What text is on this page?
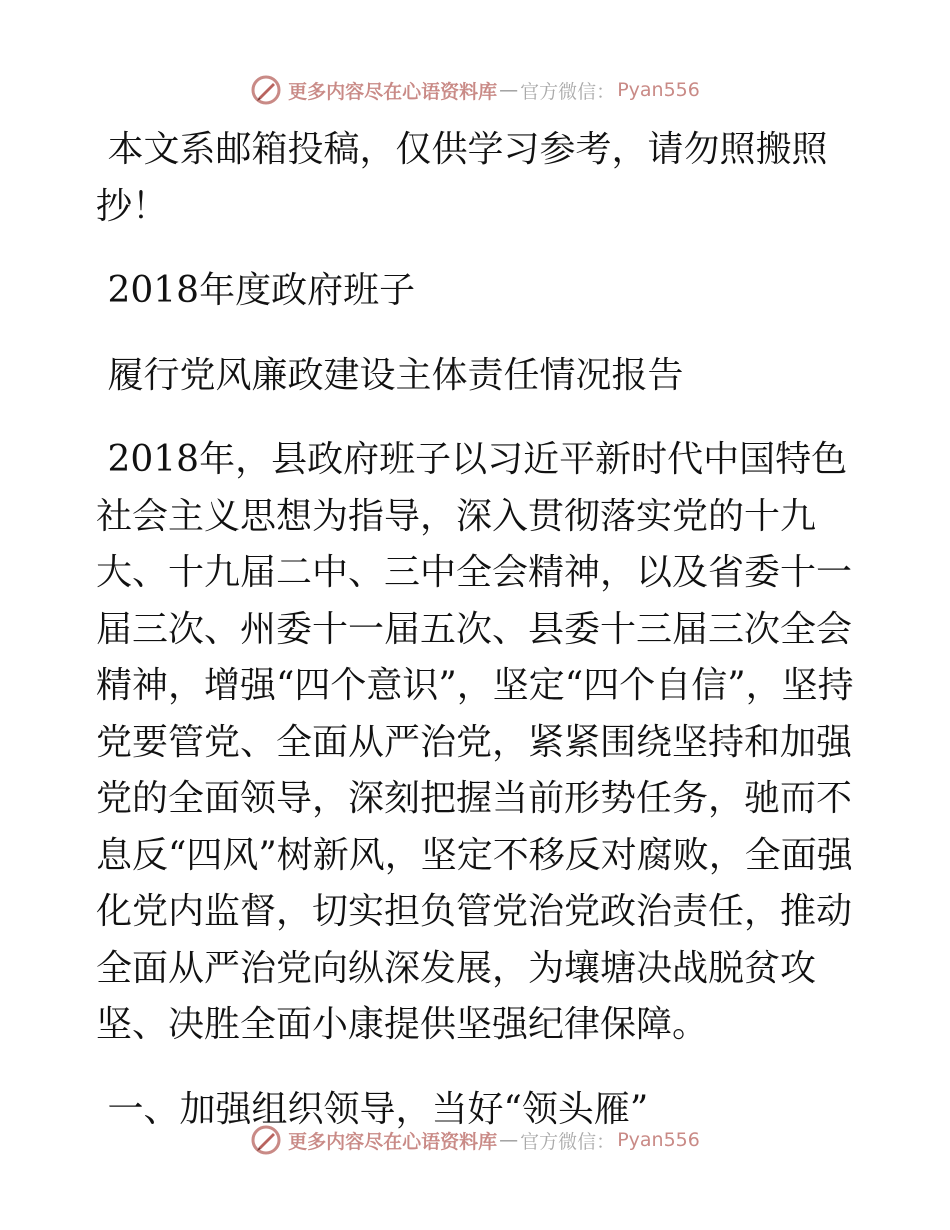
更多内容尽在心语资料库 — 官方微信： Pyan556

本文系邮箱投稿，仅供学习参考，请勿照搬照抄！

2018年度政府班子

履行党风廉政建设主体责任情况报告

2018年，县政府班子以习近平新时代中国特色社会主义思想为指导，深入贯彻落实党的十九大、十九届二中、三中全会精神，以及省委十一届三次、州委十一届五次、县委十三届三次全会精神，增强“四个意识”，坚定“四个自信”，坚持党要管党、全面从严治党，紧紧围绕坚持和加强党的全面领导，深刻把握当前形势任务，驰而不息反“四风”树新风，坚定不移反对腐败，全面强化党内监督，切实担负管党治党政治责任，推动全面从严治党向纵深发展，为壤塘决战脱贫攻坚、决胜全面小康提供坚强纪律保障。

一、加强组织领导，当好“领头雁”

更多内容尽在心语资料库 — 官方微信： Pyan556
